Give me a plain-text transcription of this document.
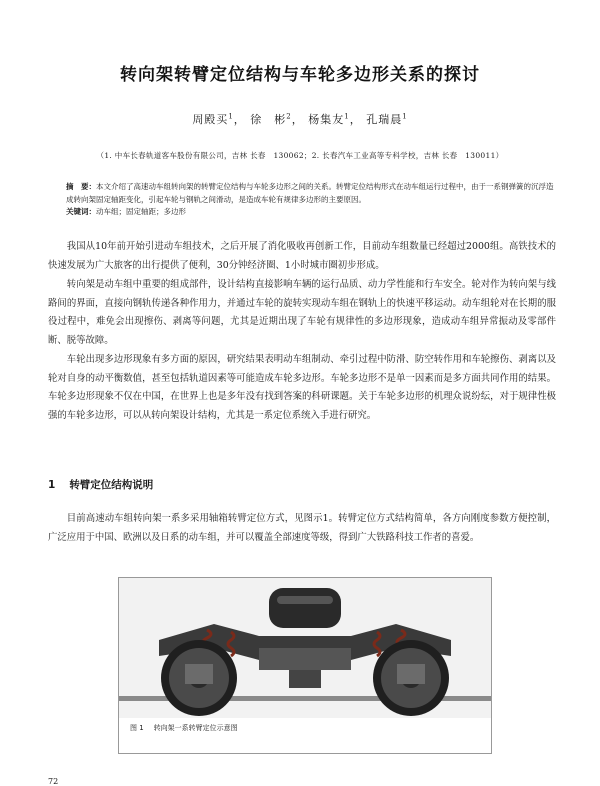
转向架转臂定位结构与车轮多边形关系的探讨
周殿买$^1$， 徐　彬$^2$， 杨集友$^1$， 孔瑞晨$^1$
（1. 中车长春轨道客车股份有限公司，吉林 长春　130062；2. 长春汽车工业高等专科学校，吉林 长春　130011）
摘　要：本文介绍了高速动车组转向架的转臂定位结构与车轮多边形之间的关系。转臂定位结构形式在动车组运行过程中，由于一系钢弹簧的沉浮造成转向架固定轴距变化，引起车轮与钢轨之间滑动，是造成车轮有规律多边形的主要原因。
关键词：动车组；固定轴距；多边形

我国从10年前开始引进动车组技术，之后开展了消化吸收再创新工作，目前动车组数量已经超过2000组。高铁技术的快速发展为广大旅客的出行提供了便利，30分钟经济圈、1小时城市圈初步形成。

转向架是动车组中重要的组成部件，设计结构直接影响车辆的运行品质、动力学性能和行车安全。轮对作为转向架与线路间的界面，直接向钢轨传递各种作用力，并通过车轮的旋转实现动车组在钢轨上的快速平移运动。动车组轮对在长期的服役过程中，难免会出现擦伤、剥离等问题，尤其是近期出现了车轮有规律性的多边形现象，造成动车组异常振动及零部件断、脱等故障。

车轮出现多边形现象有多方面的原因，研究结果表明动车组制动、牵引过程中防滑、防空转作用和车轮擦伤、剥离以及轮对自身的动平衡数值，甚至包括轨道因素等可能造成车轮多边形。车轮多边形不是单一因素而是多方面共同作用的结果。车轮多边形现象不仅在中国，在世界上也是多年没有找到答案的科研课题。关于车轮多边形的机理众说纷纭，对于规律性极强的车轮多边形，可以从转向架设计结构，尤其是一系定位系统入手进行研究。

1 转臂定位结构说明

目前高速动车组转向架一系多采用轴箱转臂定位方式，见图示1。转臂定位方式结构简单，各方向刚度参数方便控制，广泛应用于中国、欧洲以及日系的动车组，并可以覆盖全部速度等级，得到广大铁路科技工作者的喜爱。

图 1 转向架一系转臂定位示意图
72
